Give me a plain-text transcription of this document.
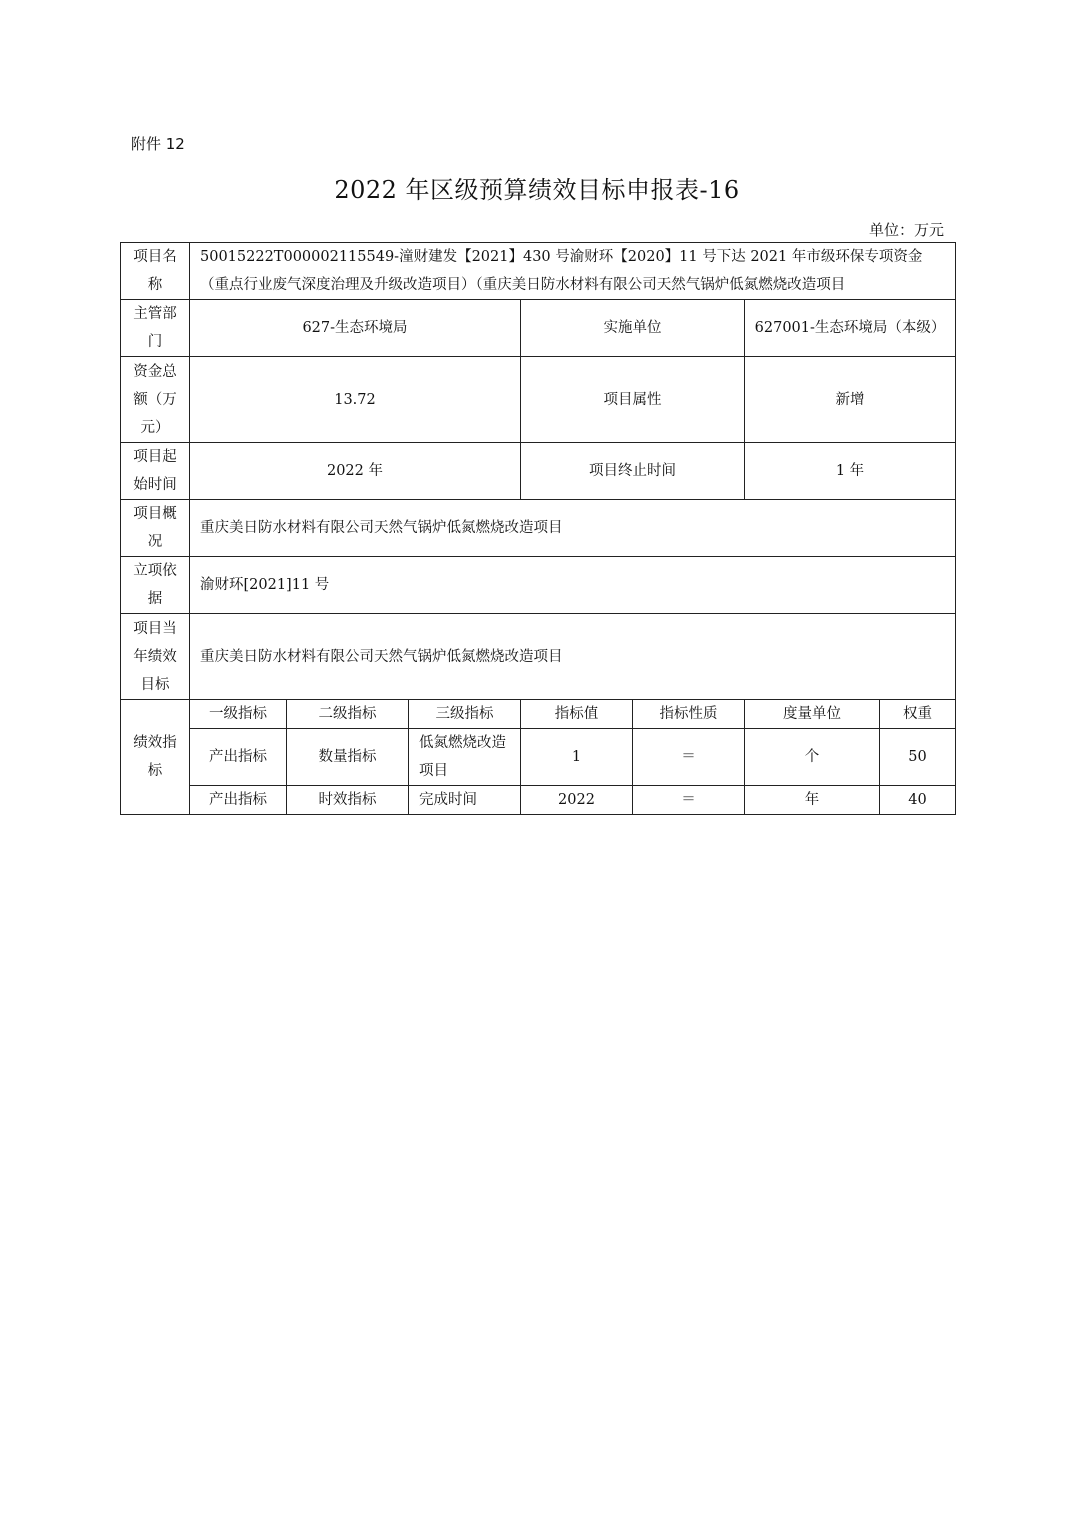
附件 12
2022 年区级预算绩效目标申报表-16
单位：万元
项目名称	50015222T000002115549-潼财建发【2021】430 号渝财环【2020】11 号下达 2021 年市级环保专项资金（重点行业废气深度治理及升级改造项目）（重庆美日防水材料有限公司天然气锅炉低氮燃烧改造项目						
主管部门	627-生态环境局			实施单位		627001-生态环境局（本级）	
资金总额（万元）	13.72			项目属性		新增	
项目起始时间	2022 年			项目终止时间		1 年	
项目概况	重庆美日防水材料有限公司天然气锅炉低氮燃烧改造项目						
立项依据	渝财环[2021]11 号						
项目当年绩效目标	重庆美日防水材料有限公司天然气锅炉低氮燃烧改造项目						
绩效指标	一级指标	二级指标	三级指标	指标值	指标性质	度量单位	权重
	产出指标	数量指标	低氮燃烧改造项目	1	＝	个	50
	产出指标	时效指标	完成时间	2022	＝	年	40
